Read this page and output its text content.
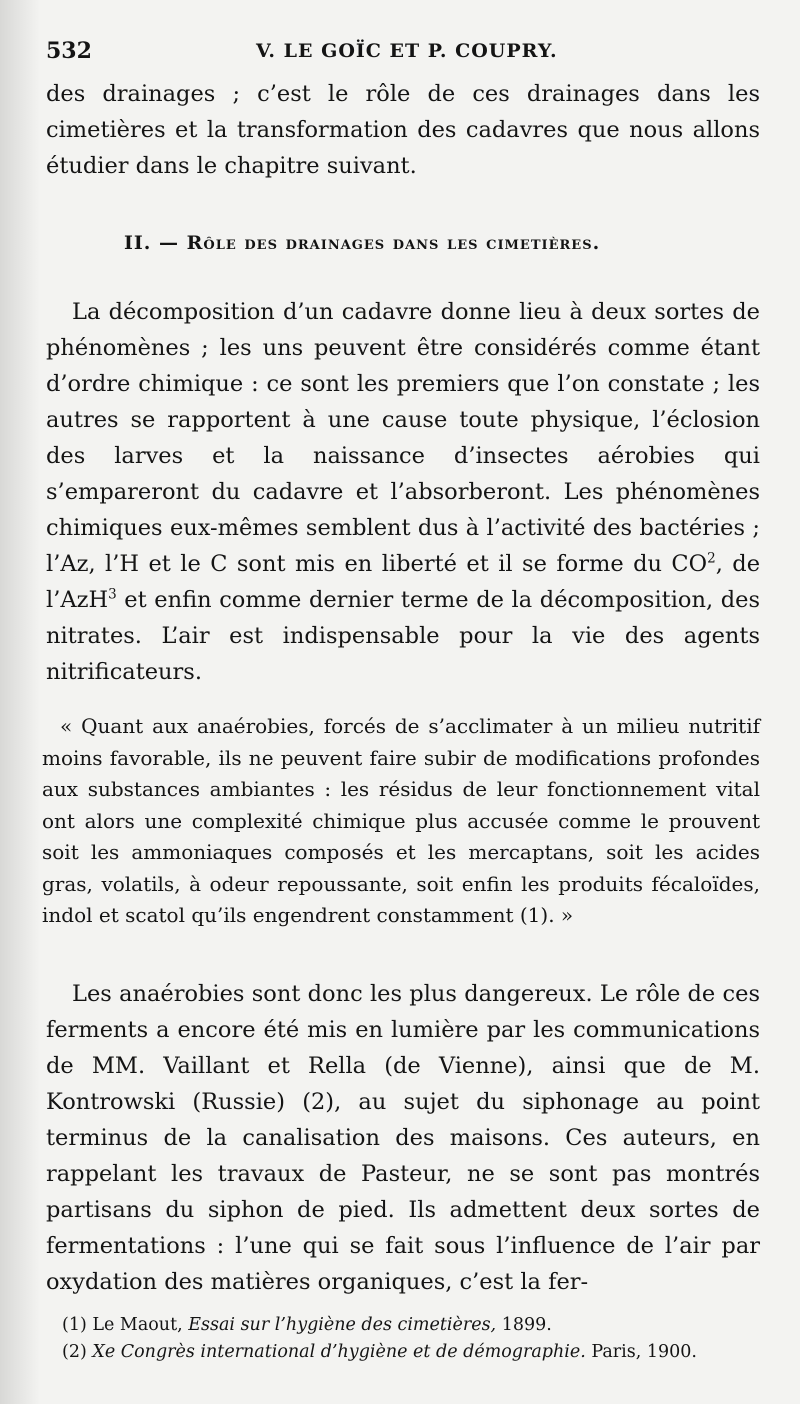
532	V. LE GOÏC ET P. COUPRY.
des drainages ; c’est le rôle de ces drainages dans les cimetières et la transformation des cadavres que nous allons étudier dans le chapitre suivant.
II. — Rôle des drainages dans les cimetières.
La décomposition d’un cadavre donne lieu à deux sortes de phénomènes ; les uns peuvent être considérés comme étant d’ordre chimique : ce sont les premiers que l’on constate ; les autres se rapportent à une cause toute physique, l’éclosion des larves et la naissance d’insectes aérobies qui s’empareront du cadavre et l’absorberont. Les phénomènes chimiques eux-mêmes semblent dus à l’activité des bactéries ; l’Az, l’H et le C sont mis en liberté et il se forme du $CO^2$, de l’AzH$^3$ et enfin comme dernier terme de la décomposition, des nitrates. L’air est indispensable pour la vie des agents nitrificateurs.
« Quant aux anaérobies, forcés de s’acclimater à un milieu nutritif moins favorable, ils ne peuvent faire subir de modifications profondes aux substances ambiantes : les résidus de leur fonctionnement vital ont alors une complexité chimique plus accusée comme le prouvent soit les ammoniaques composés et les mercaptans, soit les acides gras, volatils, à odeur repoussante, soit enfin les produits fécaloïdes, indol et scatol qu’ils engendrent constamment (1). »
Les anaérobies sont donc les plus dangereux. Le rôle de ces ferments a encore été mis en lumière par les communications de MM. Vaillant et Rella (de Vienne), ainsi que de M. Kontrowski (Russie) (2), au sujet du siphonage au point terminus de la canalisation des maisons. Ces auteurs, en rappelant les travaux de Pasteur, ne se sont pas montrés partisans du siphon de pied. Ils admettent deux sortes de fermentations : l’une qui se fait sous l’influence de l’air par oxydation des matières organiques, c’est la fer-
(1) Le Maout, Essai sur l’hygiène des cimetières, 1899.
(2) Xe Congrès international d’hygiène et de démographie. Paris, 1900.
